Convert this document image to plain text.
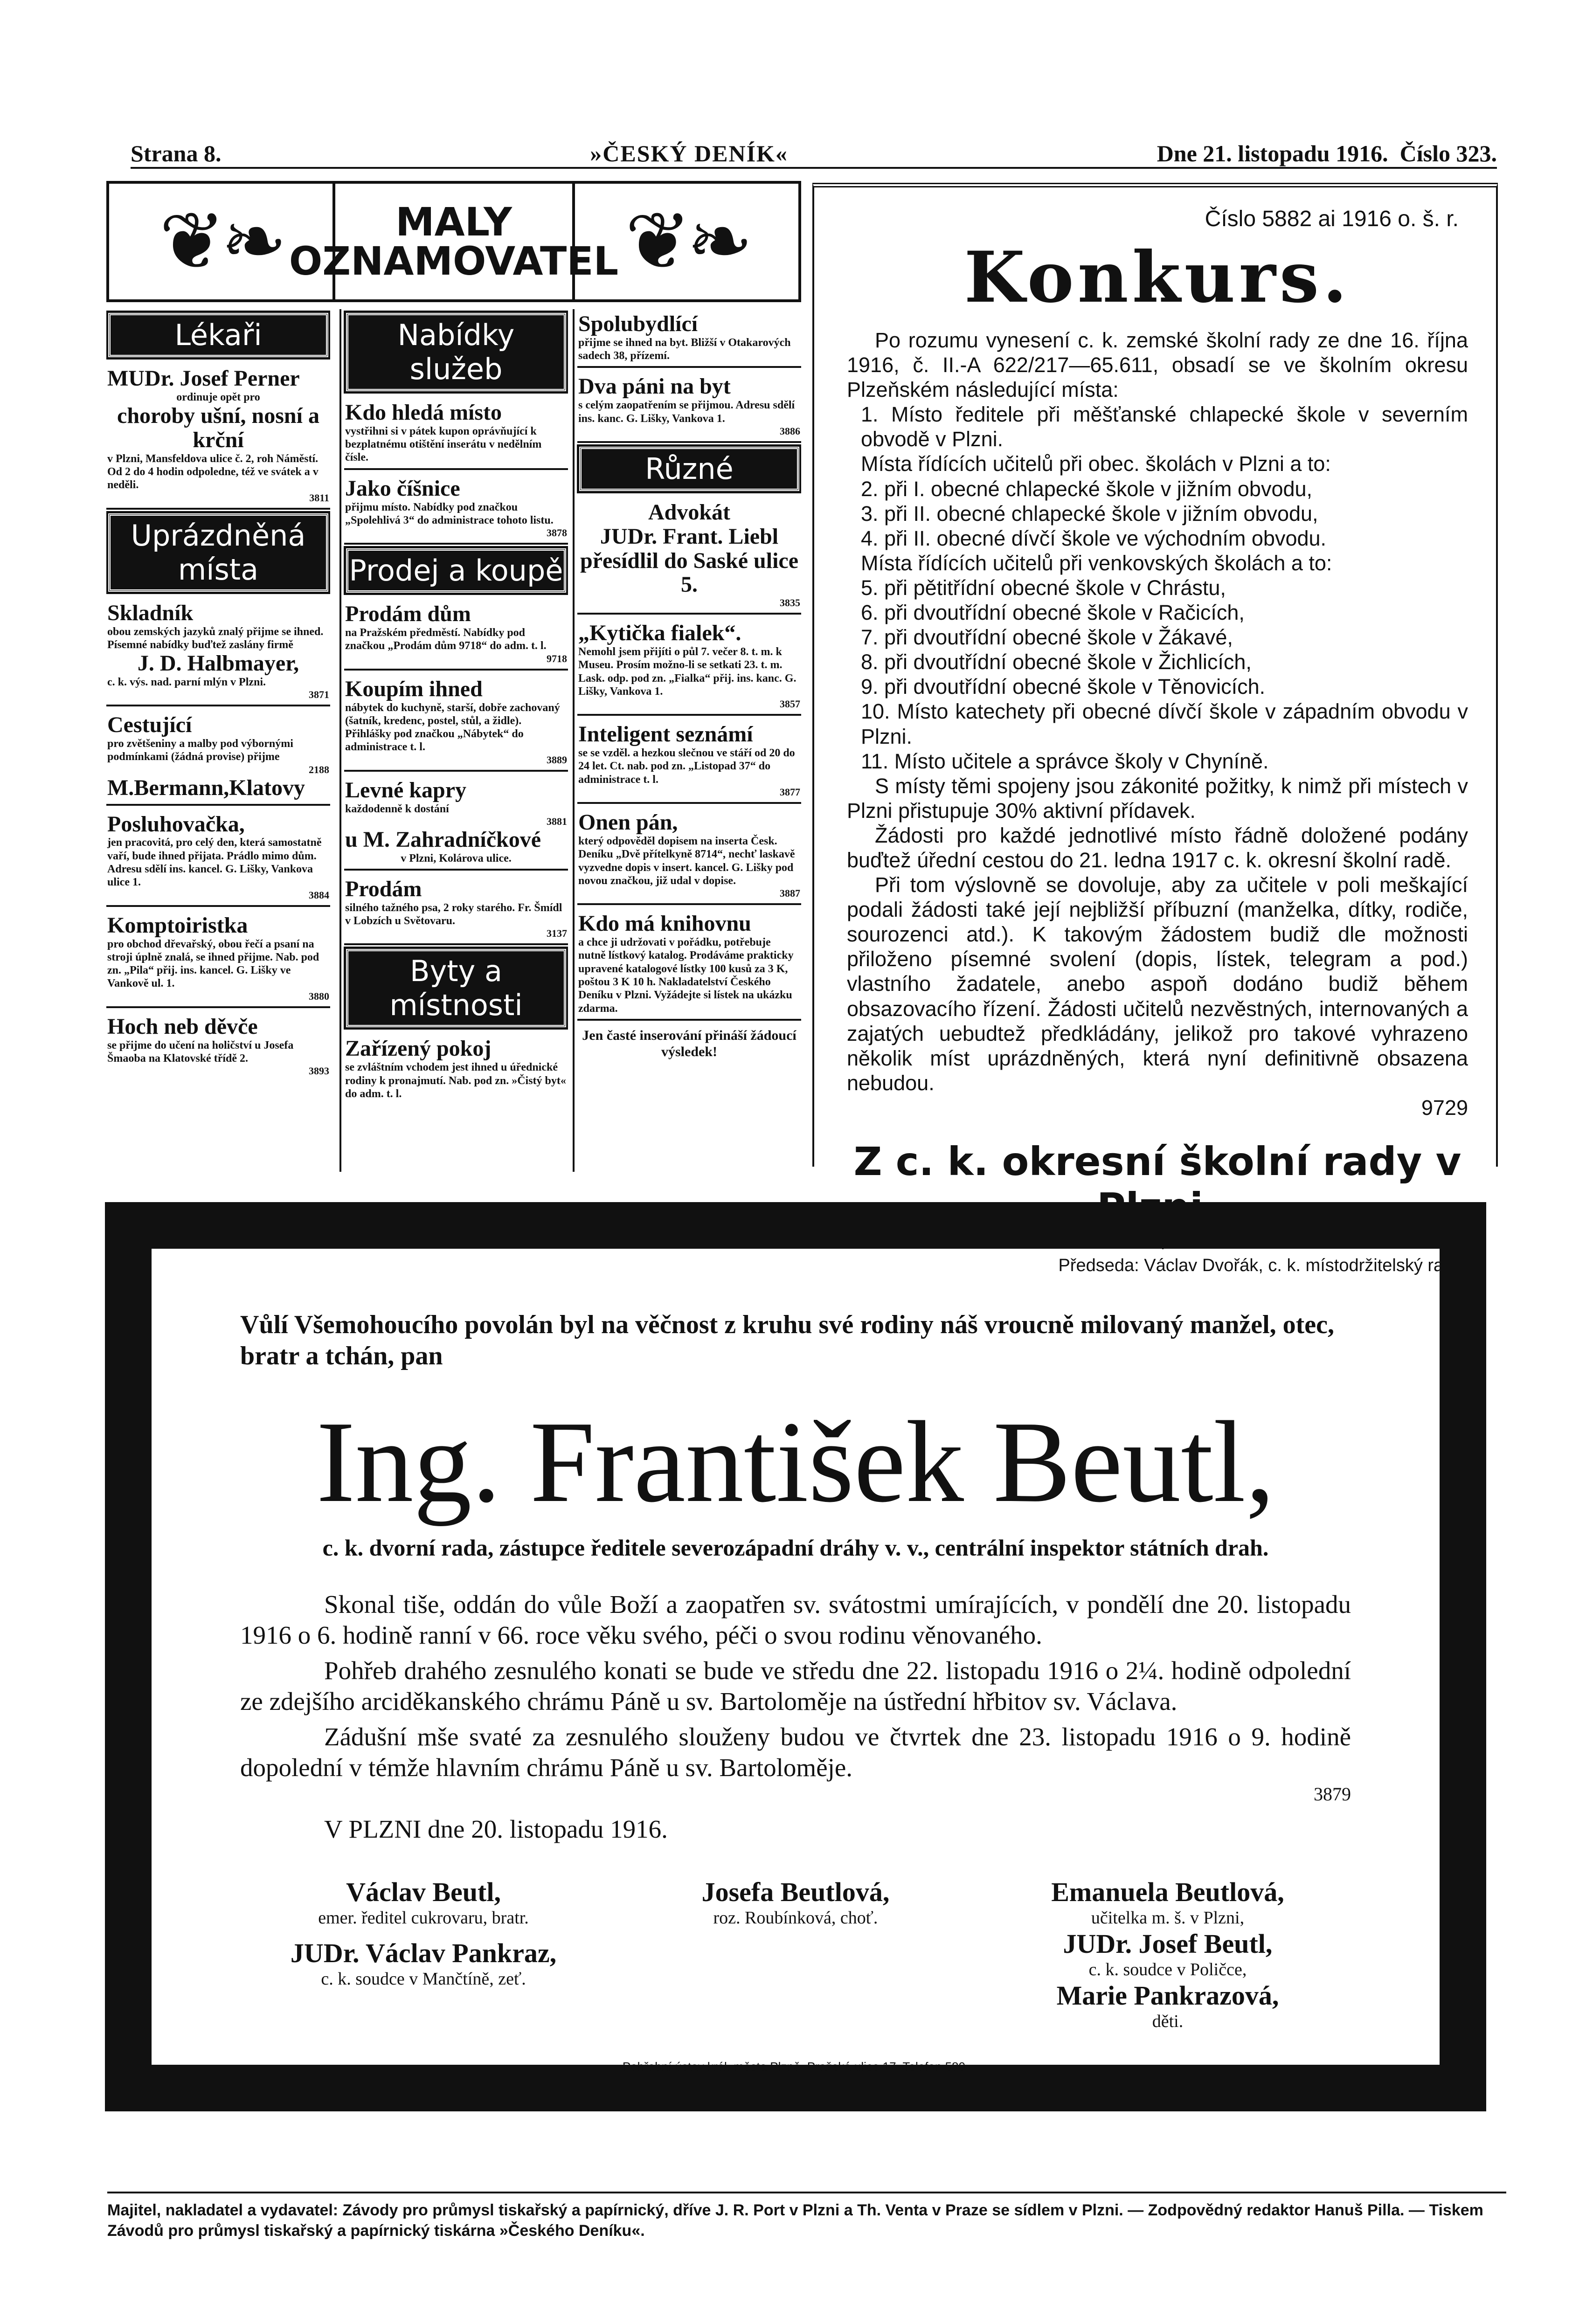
Strana 8.	»ČESKÝ DENÍK«	Dne 21. listopadu 1916. Číslo 323.
❦❧	MALY
OZNAMOVATEL ❦❧
Lékaři
MUDr. Josef Perner

ordinuje opět pro

choroby ušní, nosní a krční

v Plzni, Mansfeldova ulice č. 2, roh Náměstí. Od 2 do 4 hodin odpoledne, též ve svátek a v neděli.

3811
Uprázdněná místa
Skladník

obou zemských jazyků znalý přijme se ihned. Písemné nabídky buďtež zaslány firmě

J. D. Halbmayer,

c. k. výs. nad. parní mlýn v Plzni.

3871
Cestující

pro zvětšeniny a malby pod výbornými podmínkami (žádná provise) přijme

2188
M.Bermann,Klatovy
Posluhovačka,

jen pracovitá, pro celý den, která samostatně vaří, bude ihned přijata. Prádlo mimo dům. Adresu sdělí ins. kancel. G. Lišky, Vankova ulice 1.

3884
Komptoiristka

pro obchod dřevařský, obou řečí a psaní na stroji úplně znalá, se ihned přijme. Nab. pod zn. „Pila“ přij. ins. kancel. G. Lišky ve Vankově ul. 1.

3880
Hoch neb děvče

se přijme do učení na holičství u Josefa Šmaoba na Klatovské třídě 2.

3893
Nabídky služeb
Kdo hledá místo

vystřihni si v pátek kupon oprávňující k bezplatnému otištění inserátu v nedělním čísle.

Jako číšnice

přijmu místo. Nabídky pod značkou „Spolehlivá 3“ do administrace tohoto listu.

3878
Prodej a koupě
Prodám dům

na Pražském předměstí. Nabídky pod značkou „Prodám dům 9718“ do adm. t. l.

9718
Koupím ihned

nábytek do kuchyně, starší, dobře zachovaný (šatník, kredenc, postel, stůl, a židle). Přihlášky pod značkou „Nábytek“ do administrace t. l.

3889
Levné kapry

každodenně k dostání

3881
u M. Zahradníčkové

v Plzni, Kolárova ulice.

Prodám

silného tažného psa, 2 roky starého. Fr. Šmídl v Lobzích u Světovaru.

3137
Byty a místnosti
Zařízený pokoj

se zvláštním vchodem jest ihned u úřednické rodiny k pronajmutí. Nab. pod zn. »Čistý byt« do adm. t. l.

Spolubydlící

přijme se ihned na byt. Bližší v Otakarových sadech 38, přízemí.

Dva páni na byt

s celým zaopatřením se přijmou. Adresu sdělí ins. kanc. G. Lišky, Vankova 1.

3886
Různé
Advokát
JUDr. Frant. Liebl
přesídlil do Saské ulice 5.
3835
„Kytička fialek“.

Nemohl jsem přijíti o půl 7. večer 8. t. m. k Museu. Prosím možno-li se setkati 23. t. m. Lask. odp. pod zn. „Fialka“ přij. ins. kanc. G. Lišky, Vankova 1.

3857
Inteligent seznámí

se se vzděl. a hezkou slečnou ve stáří od 20 do 24 let. Ct. nab. pod zn. „Listopad 37“ do administrace t. l.

3877
Onen pán,

který odpověděl dopisem na inserta Česk. Deníku „Dvě přítelkyně 8714“, nechť laskavě vyzvedne dopis v insert. kancel. G. Lišky pod novou značkou, již udal v dopise.

3887
Kdo má knihovnu

a chce ji udržovati v pořádku, potřebuje nutně lístkový katalog. Prodáváme prakticky upravené katalogové lístky 100 kusů za 3 K, poštou 3 K 10 h. Nakladatelství Českého Deníku v Plzni. Vyžádejte si lístek na ukázku zdarma.

Jen časté inserování přináší žádoucí výsledek!

Číslo 5882 ai 1916 o. š. r.
Konkurs.

Po rozumu vynesení c. k. zemské školní rady ze dne 16. října 1916, č. II.-A 622/217—65.611, obsadí se ve školním okresu Plzeňském následující místa:

1. Místo ředitele při měšťanské chlapecké škole v severním obvodě v Plzni.
Místa řídících učitelů při obec. školách v Plzni a to:
2. při I. obecné chlapecké škole v jižním obvodu,
3. při II. obecné chlapecké škole v jižním obvodu,
4. při II. obecné dívčí škole ve východním obvodu.
Místa řídících učitelů při venkovských školách a to:
5. při pětitřídní obecné škole v Chrástu,
6. při dvoutřídní obecné škole v Račicích,
7. při dvoutřídní obecné škole v Žákavé,
8. při dvoutřídní obecné škole v Žichlicích,
9. při dvoutřídní obecné škole v Těnovicích.
10. Místo katechety při obecné dívčí škole v západním obvodu v Plzni.
11. Místo učitele a správce školy v Chyníně.

S místy těmi spojeny jsou zákonité požitky, k nimž při místech v Plzni přistupuje 30% aktivní přídavek.

Žádosti pro každé jednotlivé místo řádně doložené podány buďtež úřední cestou do 21. ledna 1917 c. k. okresní školní radě.

Při tom výslovně se dovoluje, aby za učitele v poli meškající podali žádosti také její nejbližší příbuzní (manželka, dítky, rodiče, sourozenci atd.). K takovým žádostem budiž dle možnosti přiloženo písemné svolení (dopis, lístek, telegram a pod.) vlastního žadatele, anebo aspoň dodáno budiž během obsazovacího řízení. Žádosti učitelů nezvěstných, internovaných a zajatých uebudtež předkládány, jelikož pro takové vyhrazeno několik míst uprázdněných, která nyní definitivně obsazena nebudou.

9729

Z c. k. okresní školní rady v Plzni,
dne 18. listopadu 1916.
Předseda: Václav Dvořák, c. k. místodržitelský rada.

Vůlí Všemohoucího povolán byl na věčnost z kruhu své rodiny náš vroucně milovaný manžel, otec, bratr a tchán, pan

Ing. František Beutl,

c. k. dvorní rada, zástupce ředitele severozápadní dráhy v. v., centrální inspektor státních drah.

Skonal tiše, oddán do vůle Boží a zaopatřen sv. svátostmi umírajících, v pondělí dne 20. listopadu 1916 o 6. hodině ranní v 66. roce věku svého, péči o svou rodinu věnovaného.

Pohřeb drahého zesnulého konati se bude ve středu dne 22. listopadu 1916 o 2¼. hodině odpolední ze zdejšího arciděkanského chrámu Páně u sv. Bartoloměje na ústřední hřbitov sv. Václava.

Zádušní mše svaté za zesnulého slouženy budou ve čtvrtek dne 23. listopadu 1916 o 9. hodině dopolední v témže hlavním chrámu Páně u sv. Bartoloměje.

3879

V PLZNI dne 20. listopadu 1916.

Václav Beutl,

emer. ředitel cukrovaru, bratr.

JUDr. Václav Pankraz,

c. k. soudce v Mančtíně, zeť.

Josefa Beutlová,

roz. Roubínková, choť.

Emanuela Beutlová,

učitelka m. š. v Plzni,

JUDr. Josef Beutl,

c. k. soudce v Poličce,

Marie Pankrazová,

děti.

Pohřební ústav král. města Plzně, Pražská ulice 17. Telefon 580.

Majitel, nakladatel a vydavatel: Závody pro průmysl tiskařský a papírnický, dříve J. R. Port v Plzni a Th. Venta v Praze se sídlem v Plzni. — Zodpovědný redaktor Hanuš Pilla. — Tiskem Závodů pro průmysl tiskařský a papírnický tiskárna »Českého Deníku«.
